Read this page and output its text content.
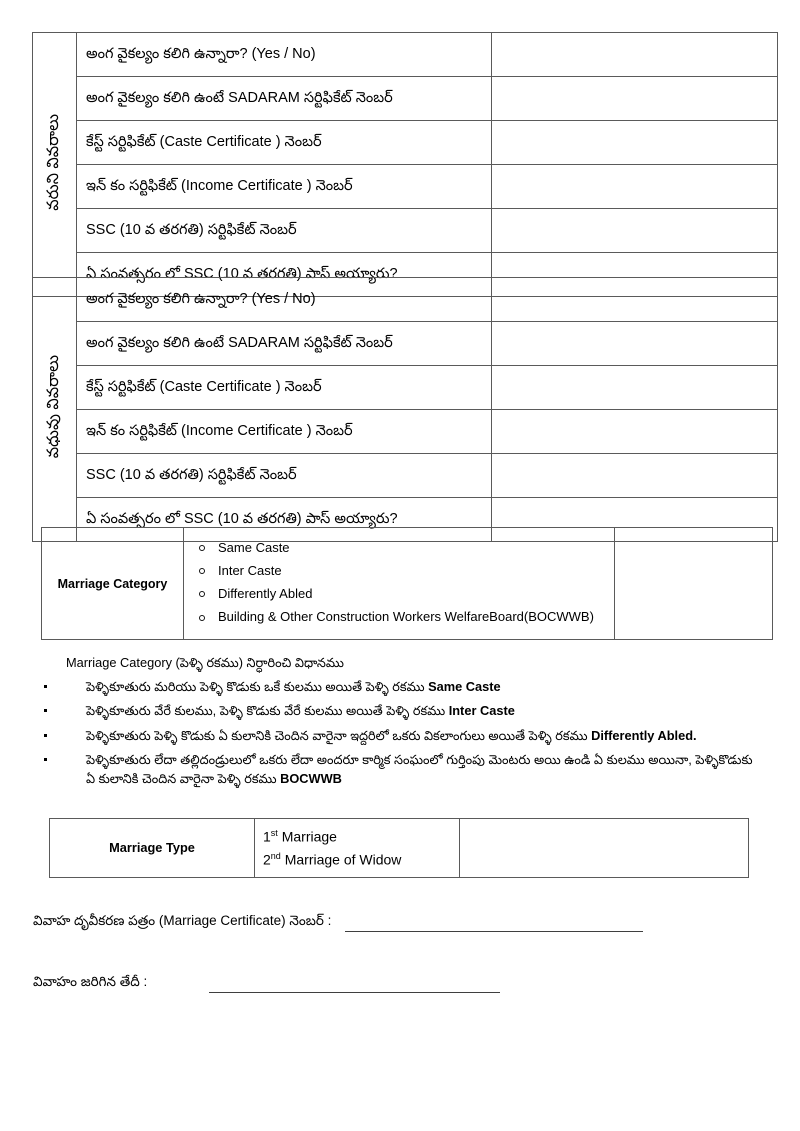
వరుని వివరాలు	అంగ వైకల్యం కలిగి ఉన్నారా? (Yes / No)	
	అంగ వైకల్యం కలిగి ఉంటే SADARAM సర్టిఫికేట్ నెంబర్	
	కేస్ట్ సర్టిఫికేట్ (Caste Certificate ) నెంబర్	
	ఇన్ కం సర్టిఫికేట్ (Income Certificate ) నెంబర్	
	SSC (10 వ తరగతి) సర్టిఫికేట్ నెంబర్	
	ఏ సంవత్సరం లో SSC (10 వ తరగతి) పాస్ అయ్యారు?	
వధువు వివరాలు	అంగ వైకల్యం కలిగి ఉన్నారా? (Yes / No)	
	అంగ వైకల్యం కలిగి ఉంటే SADARAM సర్టిఫికేట్ నెంబర్	
	కేస్ట్ సర్టిఫికేట్ (Caste Certificate ) నెంబర్	
	ఇన్ కం సర్టిఫికేట్ (Income Certificate ) నెంబర్	
	SSC (10 వ తరగతి) సర్టిఫికేట్ నెంబర్	
	ఏ సంవత్సరం లో SSC (10 వ తరగతి) పాస్ అయ్యారు?	
Marriage Category	
Same Caste
Inter Caste
Differently Abled
Building & Other Construction Workers WelfareBoard(BOCWWB)

Marriage Category (పెళ్ళి రకము) నిర్ధారించి విధానము
పెళ్ళికూతురు మరియు పెళ్ళి కొడుకు ఒకే కులము అయితే పెళ్ళి రకము Same Caste
పెళ్ళికూతురు వేరే కులము, పెళ్ళి కొడుకు వేరే కులము అయితే పెళ్ళి రకము Inter Caste
పెళ్ళికూతురు పెళ్ళి కొడుకు ఏ కులానికి చెందిన వారైనా ఇద్దరిలో ఒకరు వికలాంగులు అయితే పెళ్ళి రకము Differently Abled.
పెళ్ళికూతురు లేదా తల్లిదండ్రులులో ఒకరు లేదా అందరూ కార్మిక సంఘంలో గుర్తింపు మెంటరు అయి ఉండి ఏ కులము అయినా, పెళ్ళికొడుకు ఏ కులానికి చెందిన వారైనా పెళ్ళి రకము BOCWWB
Marriage Type	
1st Marriage
2nd Marriage of Widow

వివాహ దృవీకరణ పత్రం (Marriage Certificate) నెంబర్ :
వివాహం జరిగిన తేదీ :
